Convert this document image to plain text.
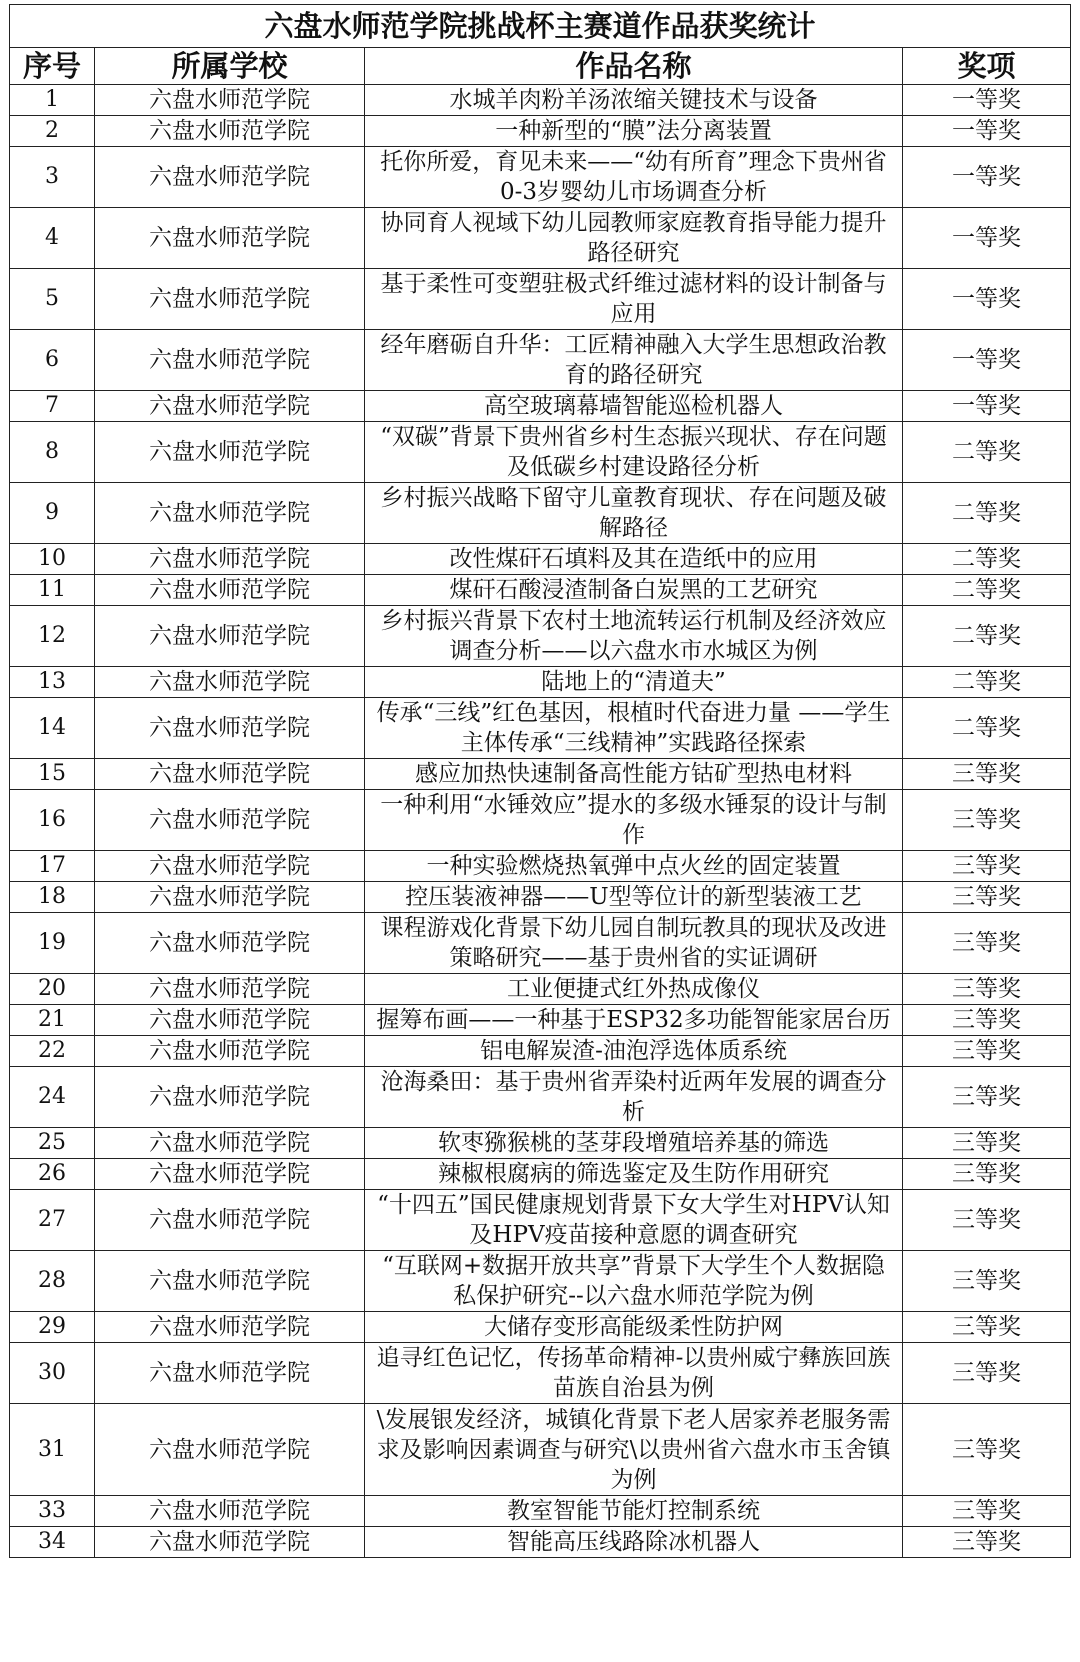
六盘水师范学院挑战杯主赛道作品获奖统计			
序号	所属学校	作品名称	奖项
1	六盘水师范学院	水城羊肉粉羊汤浓缩关键技术与设备	一等奖
2	六盘水师范学院	一种新型的“膜”法分离装置	一等奖
3	六盘水师范学院	托你所爱，育见未来——“幼有所育”理念下贵州省0-3岁婴幼儿市场调查分析	一等奖
4	六盘水师范学院	协同育人视域下幼儿园教师家庭教育指导能力提升路径研究	一等奖
5	六盘水师范学院	基于柔性可变塑驻极式纤维过滤材料的设计制备与应用	一等奖
6	六盘水师范学院	经年磨砺自升华：工匠精神融入大学生思想政治教育的路径研究	一等奖
7	六盘水师范学院	高空玻璃幕墙智能巡检机器人	一等奖
8	六盘水师范学院	“双碳”背景下贵州省乡村生态振兴现状、存在问题及低碳乡村建设路径分析	二等奖
9	六盘水师范学院	乡村振兴战略下留守儿童教育现状、存在问题及破解路径	二等奖
10	六盘水师范学院	改性煤矸石填料及其在造纸中的应用	二等奖
11	六盘水师范学院	煤矸石酸浸渣制备白炭黑的工艺研究	二等奖
12	六盘水师范学院	乡村振兴背景下农村土地流转运行机制及经济效应调查分析——以六盘水市水城区为例	二等奖
13	六盘水师范学院	陆地上的“清道夫”	二等奖
14	六盘水师范学院	传承“三线”红色基因，根植时代奋进力量 ——学生主体传承“三线精神”实践路径探索	二等奖
15	六盘水师范学院	感应加热快速制备高性能方钴矿型热电材料	三等奖
16	六盘水师范学院	一种利用“水锤效应”提水的多级水锤泵的设计与制作	三等奖
17	六盘水师范学院	一种实验燃烧热氧弹中点火丝的固定装置	三等奖
18	六盘水师范学院	控压装液神器——U型等位计的新型装液工艺	三等奖
19	六盘水师范学院	课程游戏化背景下幼儿园自制玩教具的现状及改进策略研究——基于贵州省的实证调研	三等奖
20	六盘水师范学院	工业便捷式红外热成像仪	三等奖
21	六盘水师范学院	握筹布画——一种基于ESP32多功能智能家居台历	三等奖
22	六盘水师范学院	铝电解炭渣-油泡浮选体质系统	三等奖
24	六盘水师范学院	沧海桑田：基于贵州省弄染村近两年发展的调查分析	三等奖
25	六盘水师范学院	软枣猕猴桃的茎芽段增殖培养基的筛选	三等奖
26	六盘水师范学院	辣椒根腐病的筛选鉴定及生防作用研究	三等奖
27	六盘水师范学院	“十四五”国民健康规划背景下女大学生对HPV认知及HPV疫苗接种意愿的调查研究	三等奖
28	六盘水师范学院	“互联网+数据开放共享”背景下大学生个人数据隐私保护研究--以六盘水师范学院为例	三等奖
29	六盘水师范学院	大储存变形高能级柔性防护网	三等奖
30	六盘水师范学院	追寻红色记忆，传扬革命精神-以贵州威宁彝族回族苗族自治县为例	三等奖
31	六盘水师范学院	\发展银发经济，城镇化背景下老人居家养老服务需求及影响因素调查与研究\以贵州省六盘水市玉舍镇为例	三等奖
33	六盘水师范学院	教室智能节能灯控制系统	三等奖
34	六盘水师范学院	智能高压线路除冰机器人	三等奖
